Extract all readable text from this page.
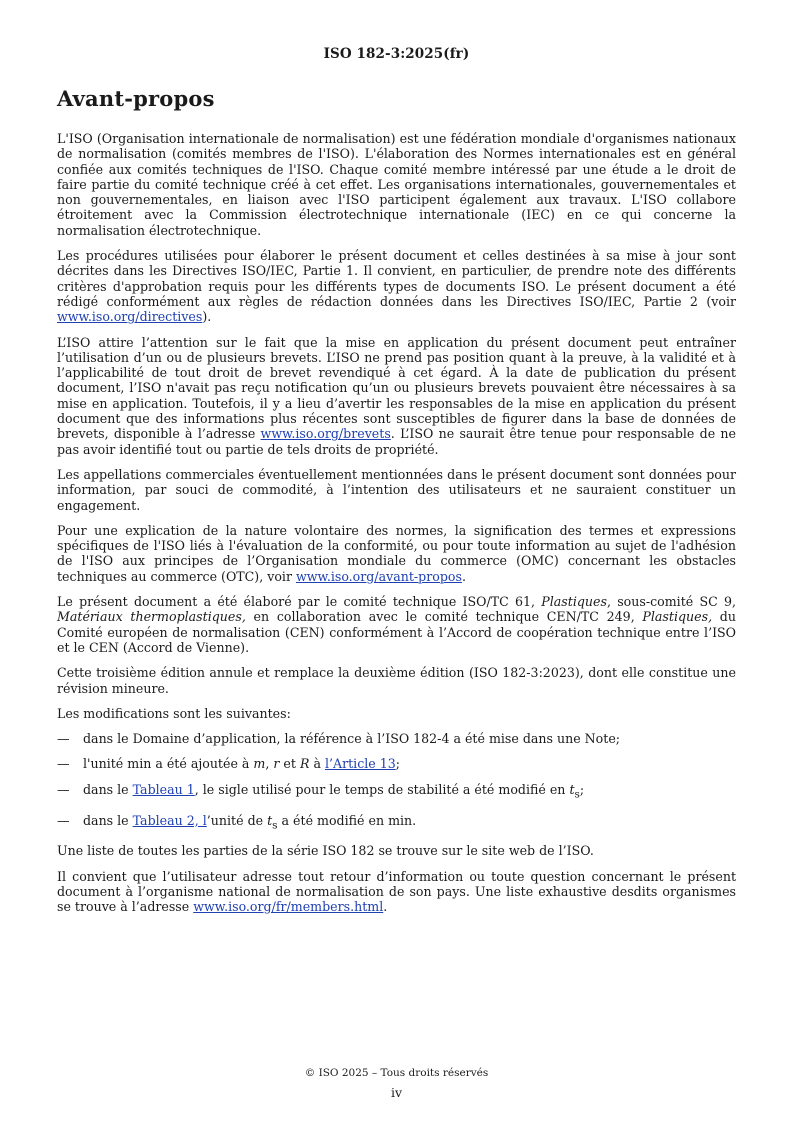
ISO 182-3:2025(fr)
Avant-propos

L'ISO (Organisation internationale de normalisation) est une fédération mondiale d'organismes nationaux de normalisation (comités membres de l'ISO). L'élaboration des Normes internationales est en général confiée aux comités techniques de l'ISO. Chaque comité membre intéressé par une étude a le droit de faire partie du comité technique créé à cet effet. Les organisations internationales, gouvernementales et non gouvernementales, en liaison avec l'ISO participent également aux travaux. L'ISO collabore étroitement avec la Commission électrotechnique internationale (IEC) en ce qui concerne la normalisation électrotechnique.

Les procédures utilisées pour élaborer le présent document et celles destinées à sa mise à jour sont décrites dans les Directives ISO/IEC, Partie 1. Il convient, en particulier, de prendre note des différents critères d'approbation requis pour les différents types de documents ISO. Le présent document a été rédigé conformément aux règles de rédaction données dans les Directives ISO/IEC, Partie 2 (voir www.iso.org/directives).

L’ISO attire l’attention sur le fait que la mise en application du présent document peut entraîner l’utilisation d’un ou de plusieurs brevets. L’ISO ne prend pas position quant à la preuve, à la validité et à l’applicabilité de tout droit de brevet revendiqué à cet égard. À la date de publication du présent document, l’ISO n'avait pas reçu notification qu’un ou plusieurs brevets pouvaient être nécessaires à sa mise en application. Toutefois, il y a lieu d’avertir les responsables de la mise en application du présent document que des informations plus récentes sont susceptibles de figurer dans la base de données de brevets, disponible à l’adresse www.iso.org/brevets. L’ISO ne saurait être tenue pour responsable de ne pas avoir identifié tout ou partie de tels droits de propriété.

Les appellations commerciales éventuellement mentionnées dans le présent document sont données pour information, par souci de commodité, à l’intention des utilisateurs et ne sauraient constituer un engagement.

Pour une explication de la nature volontaire des normes, la signification des termes et expressions spécifiques de l'ISO liés à l'évaluation de la conformité, ou pour toute information au sujet de l'adhésion de l'ISO aux principes de l’Organisation mondiale du commerce (OMC) concernant les obstacles techniques au commerce (OTC), voir www.iso.org/avant-propos.

Le présent document a été élaboré par le comité technique ISO/TC 61, Plastiques, sous-comité SC 9, Matériaux thermoplastiques, en collaboration avec le comité technique CEN/TC 249, Plastiques, du Comité européen de normalisation (CEN) conformément à l’Accord de coopération technique entre l’ISO et le CEN (Accord de Vienne).

Cette troisième édition annule et remplace la deuxième édition (ISO 182-3:2023), dont elle constitue une révision mineure.

Les modifications sont les suivantes:

—	dans le Domaine d’application, la référence à l’ISO 182-4 a été mise dans une Note;
—	l'unité min a été ajoutée à m, r et R à l’Article 13;
—	dans le Tableau 1, le sigle utilisé pour le temps de stabilité a été modifié en $t_s$;
—	dans le Tableau 2, l’unité de $t_s$ a été modifié en min.

Une liste de toutes les parties de la série ISO 182 se trouve sur le site web de l’ISO.

Il convient que l’utilisateur adresse tout retour d’information ou toute question concernant le présent document à l’organisme national de normalisation de son pays. Une liste exhaustive desdits organismes se trouve à l’adresse www.iso.org/fr/members.html.

© ISO 2025 – Tous droits réservés
iv
